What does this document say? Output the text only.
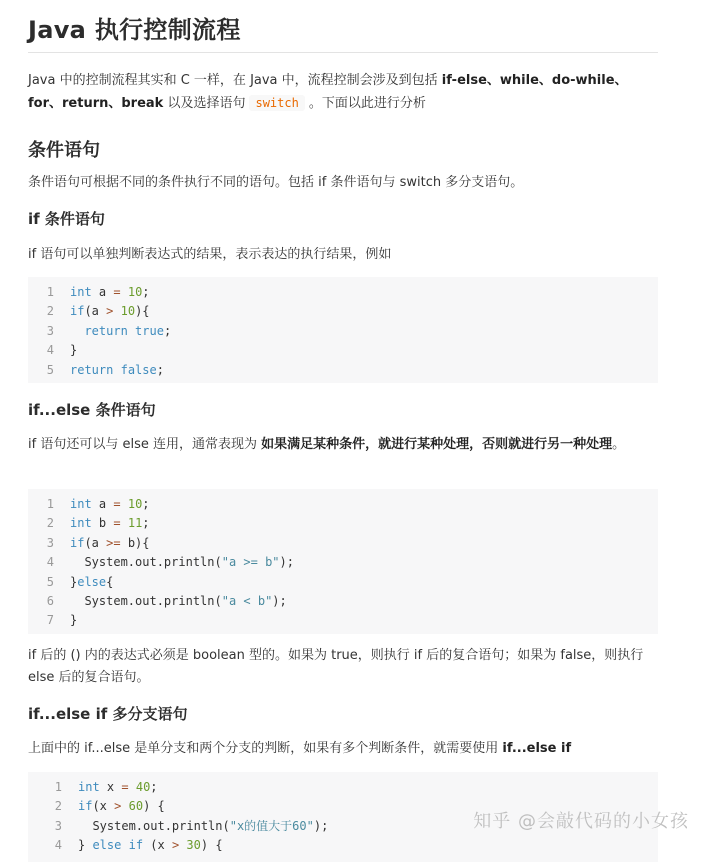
Java 执行控制流程
Java 中的控制流程其实和 C 一样，在 Java 中，流程控制会涉及到包括 if-else、while、do-while、
for、return、break 以及选择语句 switch 。下面以此进行分析
条件语句
条件语句可根据不同的条件执行不同的语句。包括 if 条件语句与 switch 多分支语句。
if 条件语句
if 语句可以单独判断表达式的结果，表示表达的执行结果，例如
1	int a = 10;
2	if(a > 10){
3	return true;
4	}
5	return false;
if...else 条件语句
if 语句还可以与 else 连用，通常表现为 如果满足某种条件，就进行某种处理，否则就进行另一种处理。
1	int a = 10;
2	int b = 11;
3	if(a >= b){
4	System.out.println("a >= b");
5	}else{
6	System.out.println("a < b");
7	}
if 后的 () 内的表达式必须是 boolean 型的。如果为 true，则执行 if 后的复合语句；如果为 false，则执行 else 后的复合语句。
if...else if 多分支语句
上面中的 if...else 是单分支和两个分支的判断，如果有多个判断条件，就需要使用 if...else if
1	int x = 40;
2	if(x > 60) {
3	System.out.println("x的值大于60");
4	} else if (x > 30) {
知乎 @会敲代码的小女孩
